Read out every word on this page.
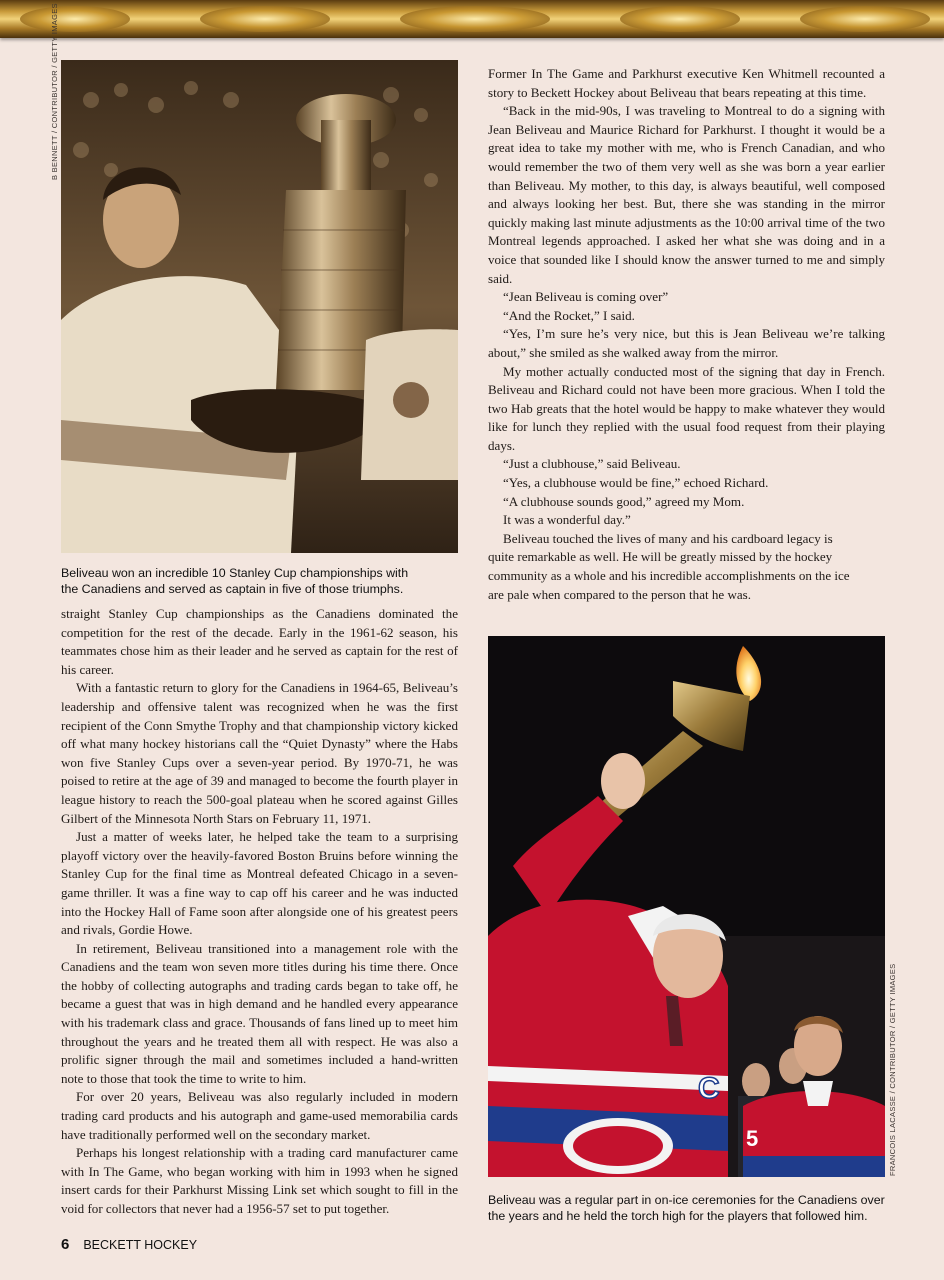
B BENNETT / CONTRIBUTOR / GETTY IMAGES
Beliveau won an incredible 10 Stanley Cup championships with the Canadiens and served as captain in five of those triumphs.

straight Stanley Cup championships as the Canadiens dominated the competition for the rest of the decade. Early in the 1961-62 season, his teammates chose him as their leader and he served as captain for the rest of his career.

With a fantastic return to glory for the Canadiens in 1964-65, Beliveau’s leadership and offensive talent was recognized when he was the first recipient of the Conn Smythe Trophy and that championship victory kicked off what many hockey historians call the “Quiet Dynasty” where the Habs won five Stanley Cups over a seven-year period. By 1970-71, he was poised to retire at the age of 39 and managed to become the fourth player in league history to reach the 500-goal plateau when he scored against Gilles Gilbert of the Minnesota North Stars on February 11, 1971.

Just a matter of weeks later, he helped take the team to a surprising playoff victory over the heavily-favored Boston Bruins before winning the Stanley Cup for the final time as Montreal defeated Chicago in a seven-game thriller. It was a fine way to cap off his career and he was inducted into the Hockey Hall of Fame soon after alongside one of his greatest peers and rivals, Gordie Howe.

In retirement, Beliveau transitioned into a management role with the Canadiens and the team won seven more titles during his time there. Once the hobby of collecting autographs and trading cards began to take off, he became a guest that was in high demand and he handled every appearance with his trademark class and grace. Thousands of fans lined up to meet him throughout the years and he treated them all with respect. He was also a prolific signer through the mail and sometimes included a hand-written note to those that took the time to write to him.

For over 20 years, Beliveau was also regularly included in modern trading card products and his autograph and game-used memorabilia cards have traditionally performed well on the secondary market.

Perhaps his longest relationship with a trading card manufacturer came with In The Game, who began working with him in 1993 when he signed insert cards for their Parkhurst Missing Link set which sought to fill in the void for collectors that never had a 1956-57 set to put together.

Former In The Game and Parkhurst executive Ken Whitmell recounted a story to Beckett Hockey about Beliveau that bears repeating at this time.

“Back in the mid-90s, I was traveling to Montreal to do a signing with Jean Beliveau and Maurice Richard for Parkhurst. I thought it would be a great idea to take my mother with me, who is French Canadian, and who would remember the two of them very well as she was born a year earlier than Beliveau. My mother, to this day, is always beautiful, well composed and always looking her best. But, there she was standing in the mirror quickly making last minute adjustments as the 10:00 arrival time of the two Montreal legends approached. I asked her what she was doing and in a voice that sounded like I should know the answer turned to me and simply said.

“Jean Beliveau is coming over”

“And the Rocket,” I said.

“Yes, I’m sure he’s very nice, but this is Jean Beliveau we’re talking about,” she smiled as she walked away from the mirror.

My mother actually conducted most of the signing that day in French. Beliveau and Richard could not have been more gracious. When I told the two Hab greats that the hotel would be happy to make whatever they would like for lunch they replied with the usual food request from their playing days.

“Just a clubhouse,” said Beliveau.

“Yes, a clubhouse would be fine,” echoed Richard.

“A clubhouse sounds good,” agreed my Mom.

It was a wonderful day.”

Beliveau touched the lives of many and his cardboard legacy is quite remarkable as well. He will be greatly missed by the hockey community as a whole and his incredible accomplishments on the ice are pale when compared to the person that he was.

C
5	FRANCOIS LACASSE / CONTRIBUTOR / GETTY IMAGES
Beliveau was a regular part in on-ice ceremonies for the Canadiens over the years and he held the torch high for the players that followed him.
6 BECKETT HOCKEY
